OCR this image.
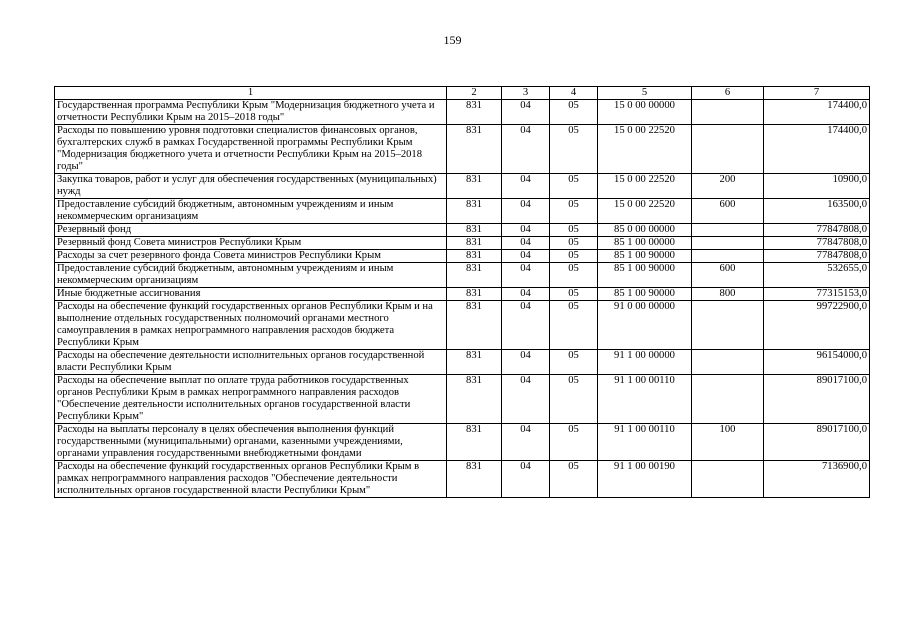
159
1	2	3	4	5	6	7
Государственная программа Республики Крым "Модернизация бюджетного учета и отчетности Республики Крым на 2015–2018 годы"	831	04	05	15 0 00 00000		174400,0
Расходы по повышению уровня подготовки специалистов финансовых органов, бухгалтерских служб в рамках Государственной программы Республики Крым "Модернизация бюджетного учета и отчетности Республики Крым на 2015–2018 годы"	831	04	05	15 0 00 22520		174400,0
Закупка товаров, работ и услуг для обеспечения государственных (муниципальных) нужд	831	04	05	15 0 00 22520	200	10900,0
Предоставление субсидий бюджетным, автономным учреждениям и иным некоммерческим организациям	831	04	05	15 0 00 22520	600	163500,0
Резервный фонд	831	04	05	85 0 00 00000		77847808,0
Резервный фонд Совета министров Республики Крым	831	04	05	85 1 00 00000		77847808,0
Расходы за счет резервного фонда Совета министров Республики Крым	831	04	05	85 1 00 90000		77847808,0
Предоставление субсидий бюджетным, автономным учреждениям и иным некоммерческим организациям	831	04	05	85 1 00 90000	600	532655,0
Иные бюджетные ассигнования	831	04	05	85 1 00 90000	800	77315153,0
Расходы на обеспечение функций государственных органов Республики Крым и на выполнение отдельных государственных полномочий органами местного самоуправления в рамках непрограммного направления расходов бюджета Республики Крым	831	04	05	91 0 00 00000		99722900,0
Расходы на обеспечение деятельности исполнительных органов государственной власти Республики Крым	831	04	05	91 1 00 00000		96154000,0
Расходы на обеспечение выплат по оплате труда работников государственных органов Республики Крым в рамках непрограммного направления расходов "Обеспечение деятельности исполнительных органов государственной власти Республики Крым"	831	04	05	91 1 00 00110		89017100,0
Расходы на выплаты персоналу в целях обеспечения выполнения функций государственными (муниципальными) органами, казенными учреждениями, органами управления государственными внебюджетными фондами	831	04	05	91 1 00 00110	100	89017100,0
Расходы на обеспечение функций государственных органов Республики Крым в рамках непрограммного направления расходов "Обеспечение деятельности исполнительных органов государственной власти Республики Крым"	831	04	05	91 1 00 00190		7136900,0
